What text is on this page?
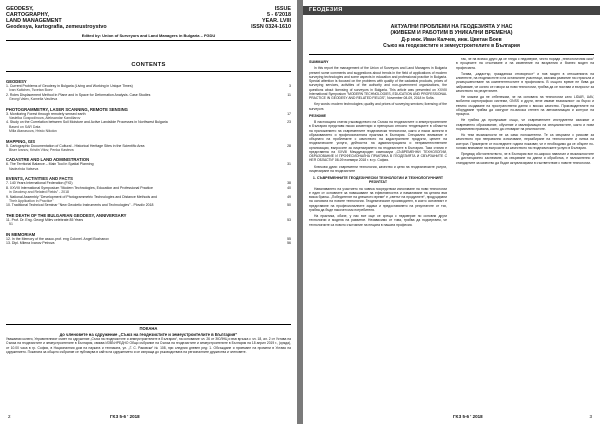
GEODESY,	ISSUE
CARTOGRAPHY,	5 - 6'2018
LAND MANAGEMENT	YEAR. LVIII
Geodesya, kartografia, zemeustroystvo	ISSN 0324-1610
Edited by: Union of Surveyors and Land Managers in Bulgaria – FGDU
CONTENTS
GEODESY
1. Current Problems of Geodesy in Bulgaria (Living and Working in Unique Times)	3
Ivan Kaltchev, Tsvetan Boev
2. Roles Displacement Method in Plane and in Space for Deformation Analysis. Case Studies	11
Georgi Valev, Kamelia Vasileva
PHOTOGRAMMETRY, LASER SCANNING, REMOTE SENSING
3. Monitoring Forest through remotely sensed earth	17
Vasielka Gospodinova, Aleksandar Kandilarov
4. Study on the Correlation between Soil Moisture and Active Landslide Processes in Northwest Bulgaria	23
Based on SAR Data
Milla Atanasova, Hristo Nikolov
MAPPING, GIS
5. Cartographic Documentation of Cultural - Historical Heritage Sites in the Scientific Area	28
Biser Ivanov, Kristin Vitov, Penka Kasteva
CADASTRE AND LAND ADMINISTRATION
6. The Territorial Balance – Main Tool in Spatial Planning	31
Nadezhda Vatseva
EVENTS, ACTIVITIES AND FACTS
7. 140 Years International Federation (FIG)	38
8. XXVIII International Symposium "Modern Technologies, Education and Professional Practice	40
in Geodesy and Related Fields" - 2018
9. National Assembly "Development of Photogrammetric Technologies and Distance Methods and	49
Their Application in Practice"
10. Traditional Technical Seminar "New Geodetic Instruments and Technologies" - Plovdiv 2018	50
THE DEATH OF THE BULGARIAN GEODESY, ANNIVERSARY
11. Prof. Dr. Eng. Georgi Milev celebrate 85 Years	53
51
IN MEMORIAM
12. In the Memory of the assoc.prof. eng Colonel. Angel Bozhanov	55
13. Dipl. Milena Ivanov Petrova	56
ПОКАНА
до членовете на сдружение „Съюз на геодезистите и земеустроителите в България“
Уважаеми колеги, Управителният съвет на сдружение „Съюз на геодезистите и земеустроителите в България“, на основание чл. 26 от ЗЮЛНЦ и във връзка с чл. 18, ал. 2 от Устава на Съюза на геодезистите и земеустроителите в България, свиква ИЗВЪНРЕДНО Общо събрание на Съюза на геодезистите и земеустроителите в България на 18 април 2019 г., (сряда), от 10.00 часа в гр. София, в Националния дом на науката и техниката, ул. „Г. С. Раковски“ № 108, при следния дневен ред: 1. Обсъждане и приемане на промени в Устава на сдружението. Поканата за общото събрание се публикува в сайта на сдружението и се изпраща до ръководствата на регионалните дружества и членовете.
2	ГКЗ 5-6 ' 2018
ГЕОДЕЗИЯ
АКТУАЛНИ ПРОБЛЕМИ НА ГЕОДЕЗИЯТА У НАС
(ЖИВЕЕМ И РАБОТИМ В УНИКАЛНИ ВРЕМЕНА)
Д-р инж. Иван Калчев, инж. Цветан Боев
Съюз на геодезистите и земеустроителите в България

SUMMARY

In this report the management of the Union of Surveyors and Land Managers in Bulgaria present some comments and suggestions about trends in the field of applications of modern surveying technologies and some aspects in education and professional practice in Bulgaria. Special attention is focused on the problems with quality of the cadastral products, prices of surveying services, activities of the authority and non-government organizations, the questions about licensing of surveyors in Bulgaria. This article was presented on XXVIII International Symposium "MODERN TECHNOLOGIES, EDUCATION AND PROFESSIONAL PRACTICE IN GEODESY AND RELATED FIELDS", November 08-09, 2018 in Sofia.

Key words: modern technologies; quality and prices of surveying services; licensing of the surveyors

РЕЗЮМЕ

В настоящата статия ръководството на Съюза на геодезистите и земеустроителите в България представя някои коментари и препоръки относно тенденциите в областта на приложението на съвременните геодезически технологии, както и някои аспекти в образованието и професионалната практика в България. Специално внимание е обърнато на проблемите с качеството на кадастралните продукти, цените на геодезическите услуги, дейността на администрацията и неправителствените организации, въпросите за лицензирането на геодезистите в България. Тази статия е представена на XXVIII Международен симпозиум „СЪВРЕМЕННИ ТЕХНОЛОГИИ, ОБРАЗОВАНИЕ И ПРОФЕСИОНАЛНА ПРАКТИКА В ГЕОДЕЗИЯТА И СВЪРЗАНИТЕ С НЕЯ ОБЛАСТИ“ 08-09 ноември 2018 г. в гр. София.

Ключови думи: съвременни технологии, качество и цени на геодезическите услуги, лицензиране на геодезистите

1. СЪВРЕМЕННИТЕ ГЕОДЕЗИЧЕСКИ ТЕХНОЛОГИИ И ТЕХНОЛОГИЧНИЯТ РЕЗУЛТАТ

Наваляването на участието на човека посредством използване на нови технологии е един от основните за повишаване на ефективността и намаляване на цената във всяка бранш. „Победителят на днешното време“ е „светът на продуктите“, продуцирани на основата на новите технологии. Геодезическият производител, в които основният е представяне на професионалните задачи и предоставянето на резултатите от тях, трябва да бъде насочен към потребителя.

Ha практика, обаче, у нас все още се среща с недоверие по основни други технологии и модела на развитие. Независимо от това, трябва да подчертаем, че технологиите са новото състояние на нещата в нашата професия.

так, че на всичко друго да се гледа с недоверие, често поради „технологичния скок“ в процесите на сгъстяване и на изменение на визуалния и бизнес модел на професията.

Тогава, „кадастър, гражданска отговорност“ и нов модел в отношенията на клиентите, на геодезистите и на останалите участници, изисква развитие на отрасъла и усъвършенстване на компетентностите в професията. В същото време не бива да забравяме, че когато се говори за нови технологии, трябва да се постави и въпросът за качеството на резултатите.

Не можем да не отбележим, че на основата на технологии като LIDAR, UAV, мобилни картографски системи, GNSS и други, вече имаме възможност за бързо и евтино създаване на пространствени данни с високо качество. Производителите на оборудване трябва да осигурят по-висока степен на автоматизация и контрол на процеса.

Не трябва да пропускаме също, че съвременните инструменти изискват и съвременно образование, обучение и квалификация на специалистите, както и нови нормативни правила, които да отговарят на реалностите.

Но тези възможности не са само положителни. Те са свързани с рискове за качеството при неправилно използване, неразбиране на технологиите и липса на контрол. Примерите от последните години показват, че е необходимо да се обърне по-голямо внимание на въпросите за качеството на геодезическите услуги в България.

Предвид обстоятелството, че в България все по-широко навлизат и възможностите за дистанционно заснемане, за свързване на данни и обработка, е наложително и стандартите за качество да бъдат актуализирани в съответствие с новите технологии.

ГКЗ 5-6 ' 2018	3
